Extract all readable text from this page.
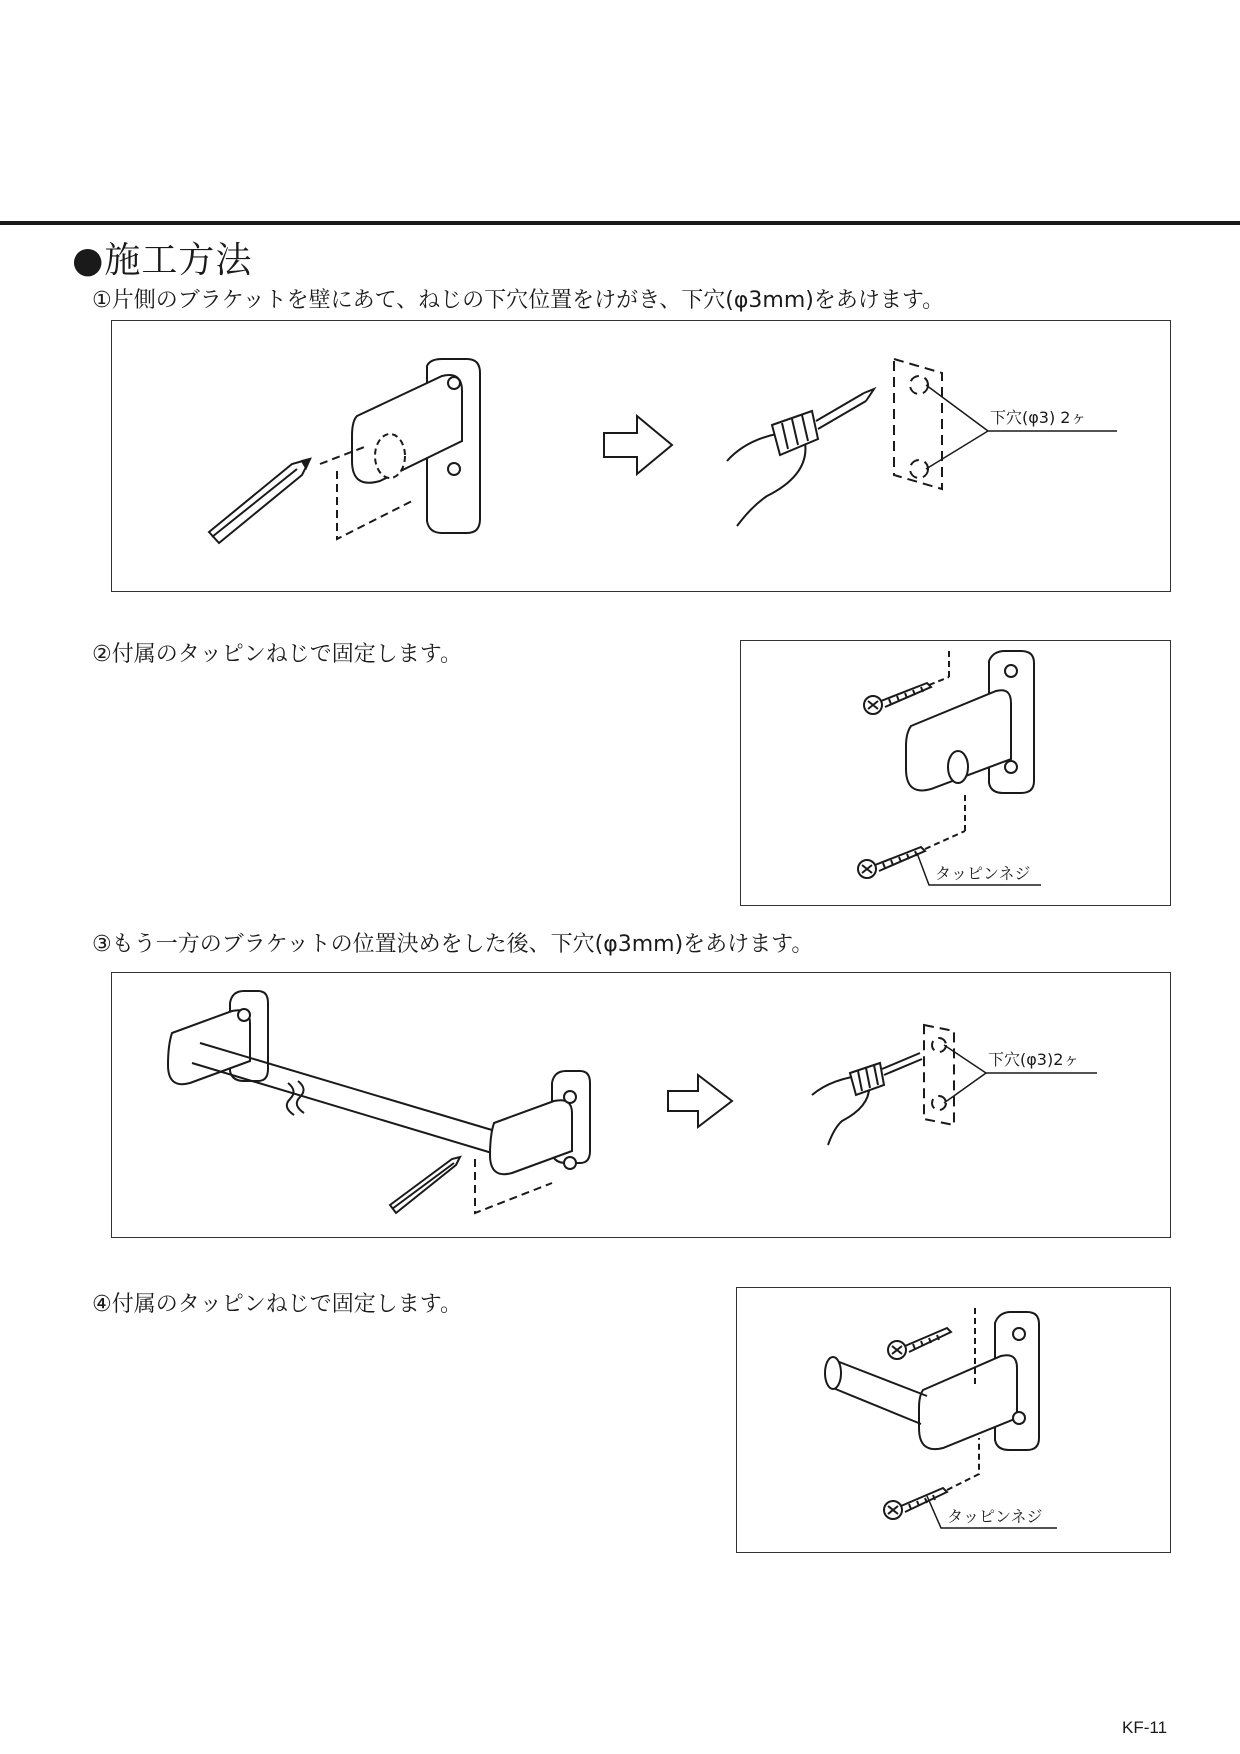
●施工方法
①片側のブラケットを壁にあて、ねじの下穴位置をけがき、下穴(φ3mm)をあけます。
下穴(φ3) 2ヶ
②付属のタッピンねじで固定します。
タッピンネジ
③もう一方のブラケットの位置決めをした後、下穴(φ3mm)をあけます。
下穴(φ3)2ヶ
④付属のタッピンねじで固定します。
タッピンネジ
KF-11
